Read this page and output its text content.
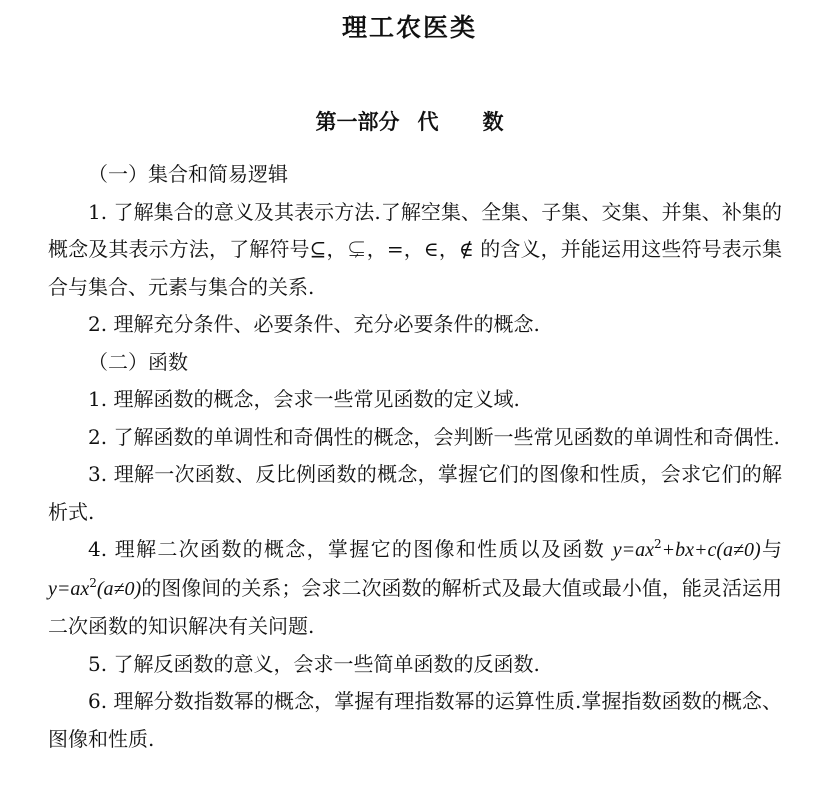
理工农医类
第一部分 代 数

（一）集合和简易逻辑

1. 了解集合的意义及其表示方法.了解空集、全集、子集、交集、并集、补集的概念及其表示方法，了解符号⊆，⊊，=，∈，∉ 的含义，并能运用这些符号表示集合与集合、元素与集合的关系.

2. 理解充分条件、必要条件、充分必要条件的概念.

（二）函数

1. 理解函数的概念，会求一些常见函数的定义域.

2. 了解函数的单调性和奇偶性的概念，会判断一些常见函数的单调性和奇偶性.

3. 理解一次函数、反比例函数的概念，掌握它们的图像和性质，会求它们的解析式.

4. 理解二次函数的概念，掌握它的图像和性质以及函数 $y=ax^2+bx+c(a\ne 0)$与 $y=ax^2(a\ne 0)$的图像间的关系；会求二次函数的解析式及最大值或最小值，能灵活运用二次函数的知识解决有关问题.

5. 了解反函数的意义，会求一些简单函数的反函数.

6. 理解分数指数幂的概念，掌握有理指数幂的运算性质.掌握指数函数的概念、图像和性质.
